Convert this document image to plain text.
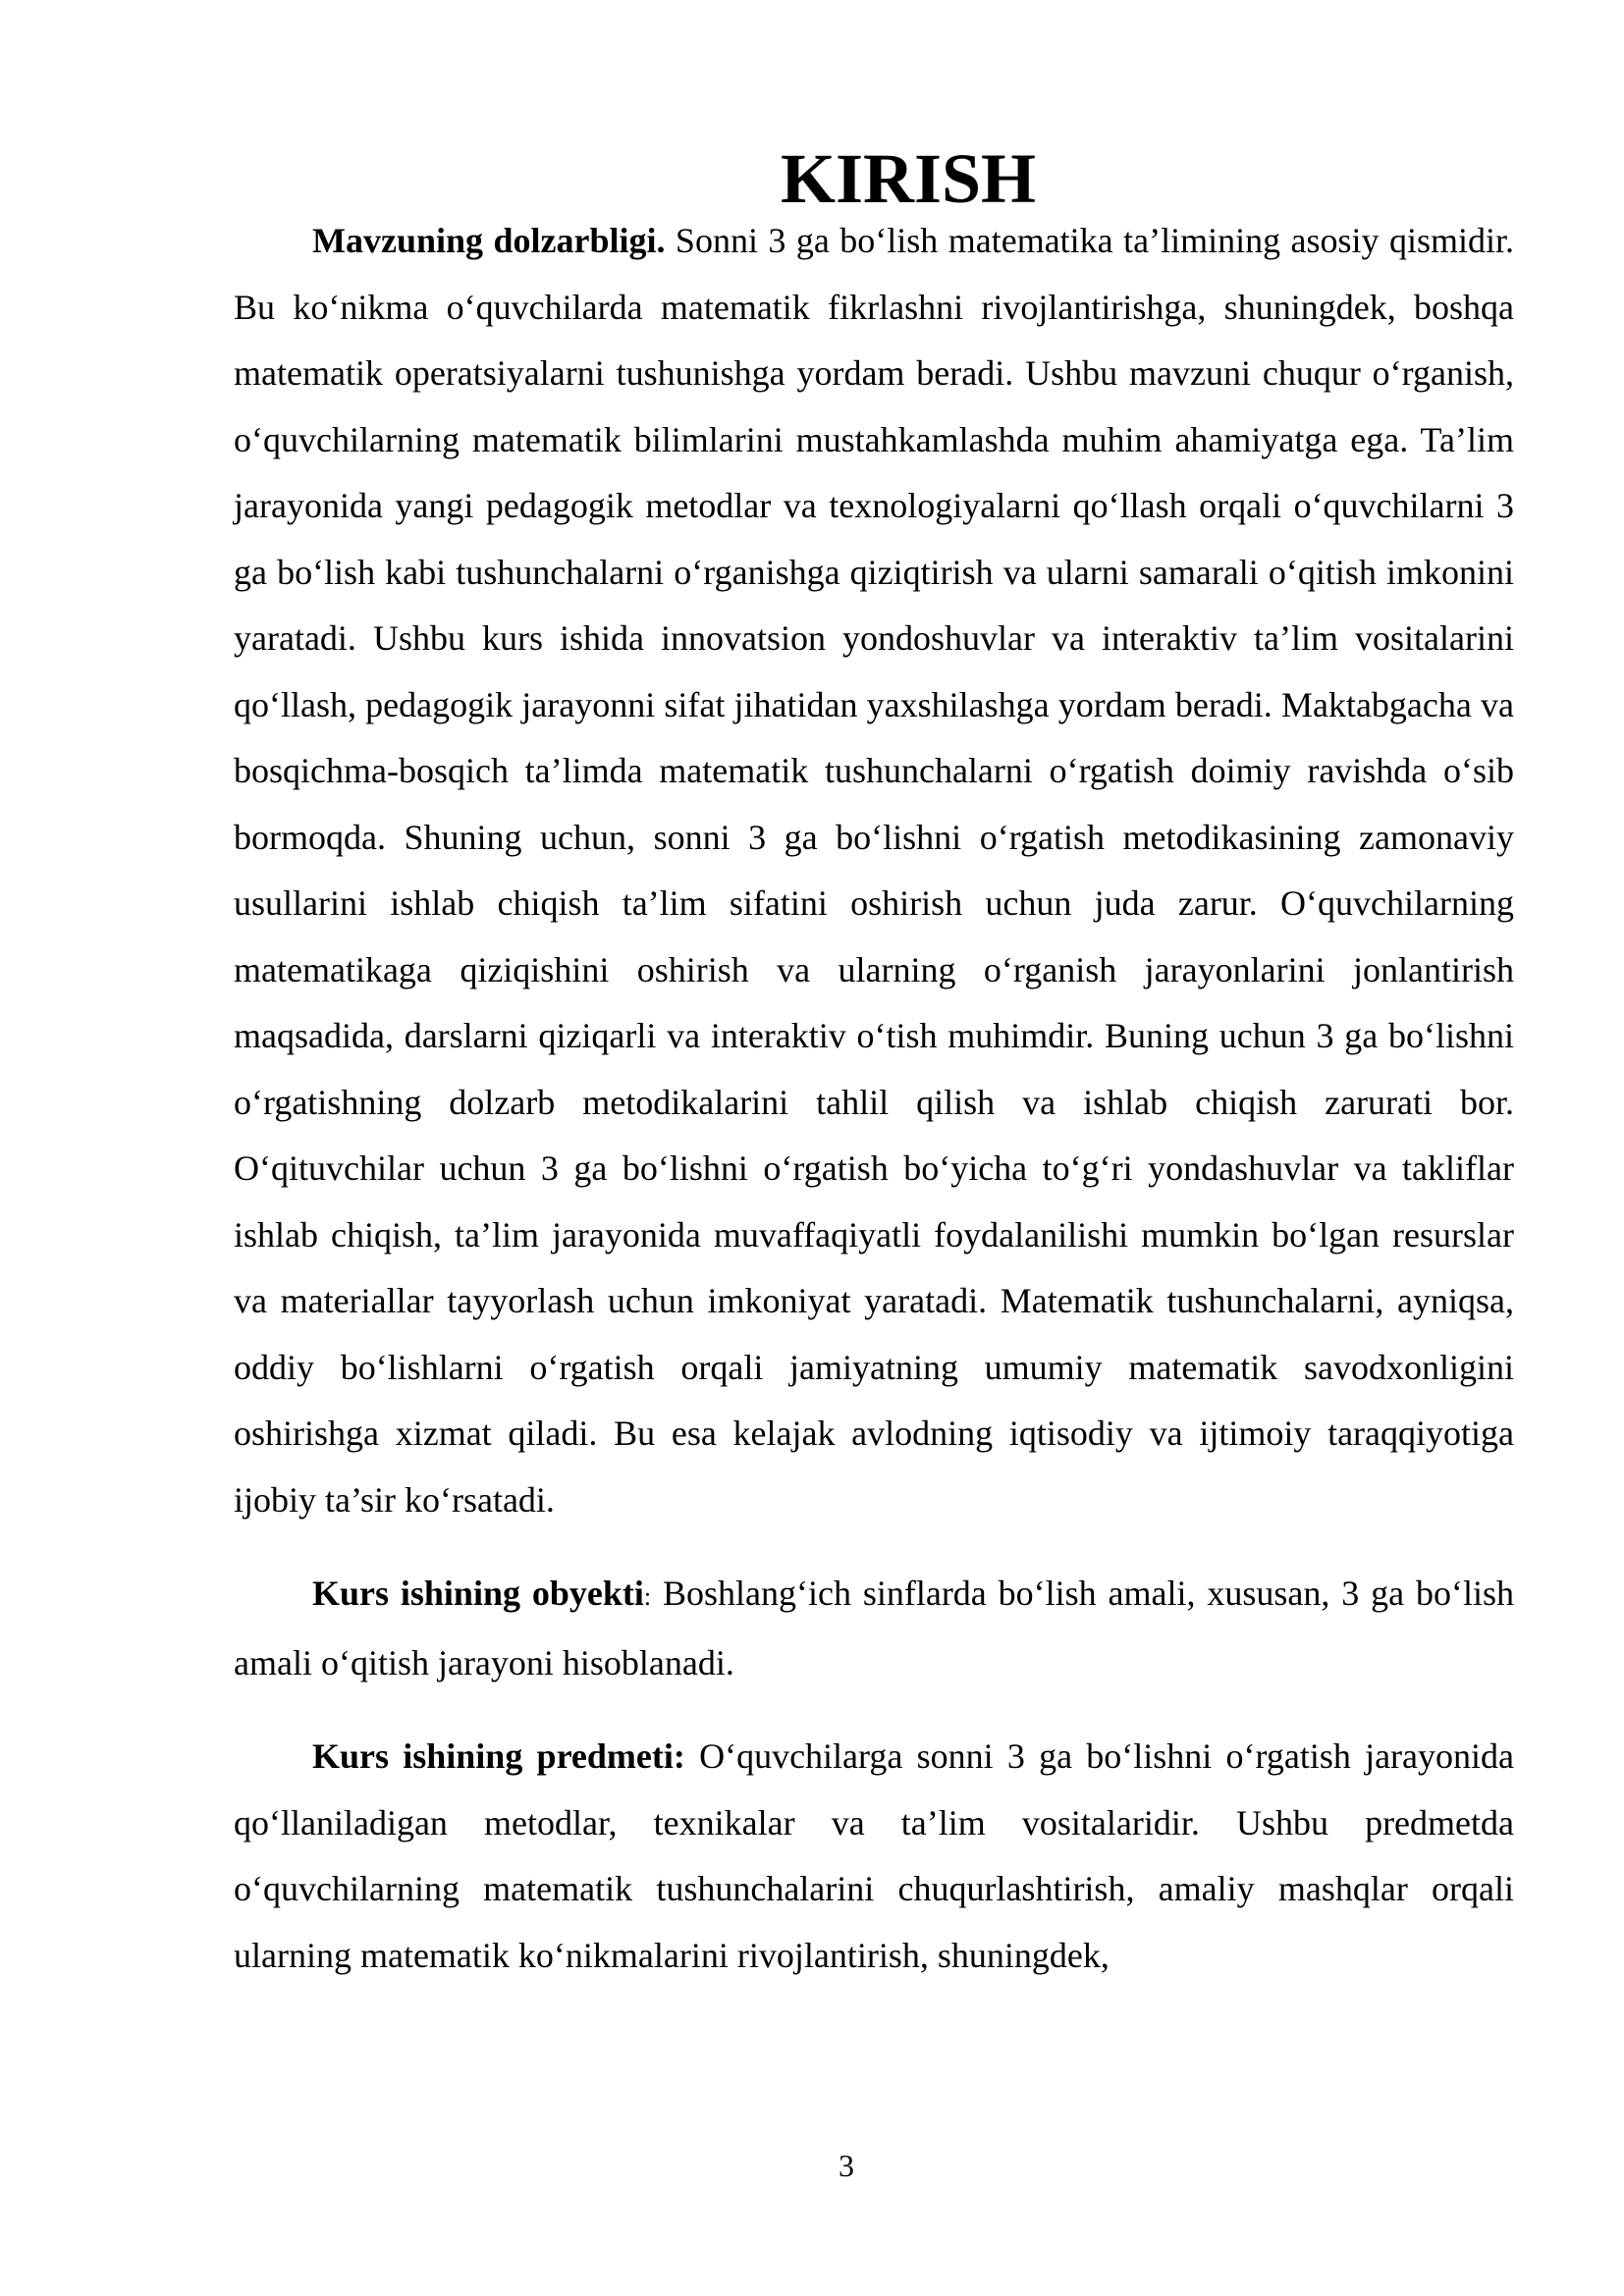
KIRISH

Mavzuning dolzarbligi. Sonni 3 ga bo‘lish matematika ta’limining asosiy qismidir. Bu ko‘nikma o‘quvchilarda matematik fikrlashni rivojlantirishga, shuningdek, boshqa matematik operatsiyalarni tushunishga yordam beradi. Ushbu mavzuni chuqur o‘rganish, o‘quvchilarning matematik bilimlarini mustahkamlashda muhim ahamiyatga ega. Ta’lim jarayonida yangi pedagogik metodlar va texnologiyalarni qo‘llash orqali o‘quvchilarni 3 ga bo‘lish kabi tushunchalarni o‘rganishga qiziqtirish va ularni samarali o‘qitish imkonini yaratadi. Ushbu kurs ishida innovatsion yondoshuvlar va interaktiv ta’lim vositalarini qo‘llash, pedagogik jarayonni sifat jihatidan yaxshilashga yordam beradi. Maktabgacha va bosqichma-bosqich ta’limda matematik tushunchalarni o‘rgatish doimiy ravishda o‘sib bormoqda. Shuning uchun, sonni 3 ga bo‘lishni o‘rgatish metodikasining zamonaviy usullarini ishlab chiqish ta’lim sifatini oshirish uchun juda zarur. O‘quvchilarning matematikaga qiziqishini oshirish va ularning o‘rganish jarayonlarini jonlantirish maqsadida, darslarni qiziqarli va interaktiv o‘tish muhimdir. Buning uchun 3 ga bo‘lishni o‘rgatishning dolzarb metodikalarini tahlil qilish va ishlab chiqish zarurati bor. O‘qituvchilar uchun 3 ga bo‘lishni o‘rgatish bo‘yicha to‘g‘ri yondashuvlar va takliflar ishlab chiqish, ta’lim jarayonida muvaffaqiyatli foydalanilishi mumkin bo‘lgan resurslar va materiallar tayyorlash uchun imkoniyat yaratadi. Matematik tushunchalarni, ayniqsa, oddiy bo‘lishlarni o‘rgatish orqali jamiyatning umumiy matematik savodxonligini oshirishga xizmat qiladi. Bu esa kelajak avlodning iqtisodiy va ijtimoiy taraqqiyotiga ijobiy ta’sir ko‘rsatadi.

Kurs ishining obyekti: Boshlang‘ich sinflarda bo‘lish amali, xususan, 3 ga bo‘lish amali o‘qitish jarayoni hisoblanadi.

Kurs ishining predmeti: O‘quvchilarga sonni 3 ga bo‘lishni o‘rgatish jarayonida qo‘llaniladigan metodlar, texnikalar va ta’lim vositalaridir. Ushbu predmetda o‘quvchilarning matematik tushunchalarini chuqurlashtirish, amaliy mashqlar orqali ularning matematik ko‘nikmalarini rivojlantirish, shuningdek,

3
